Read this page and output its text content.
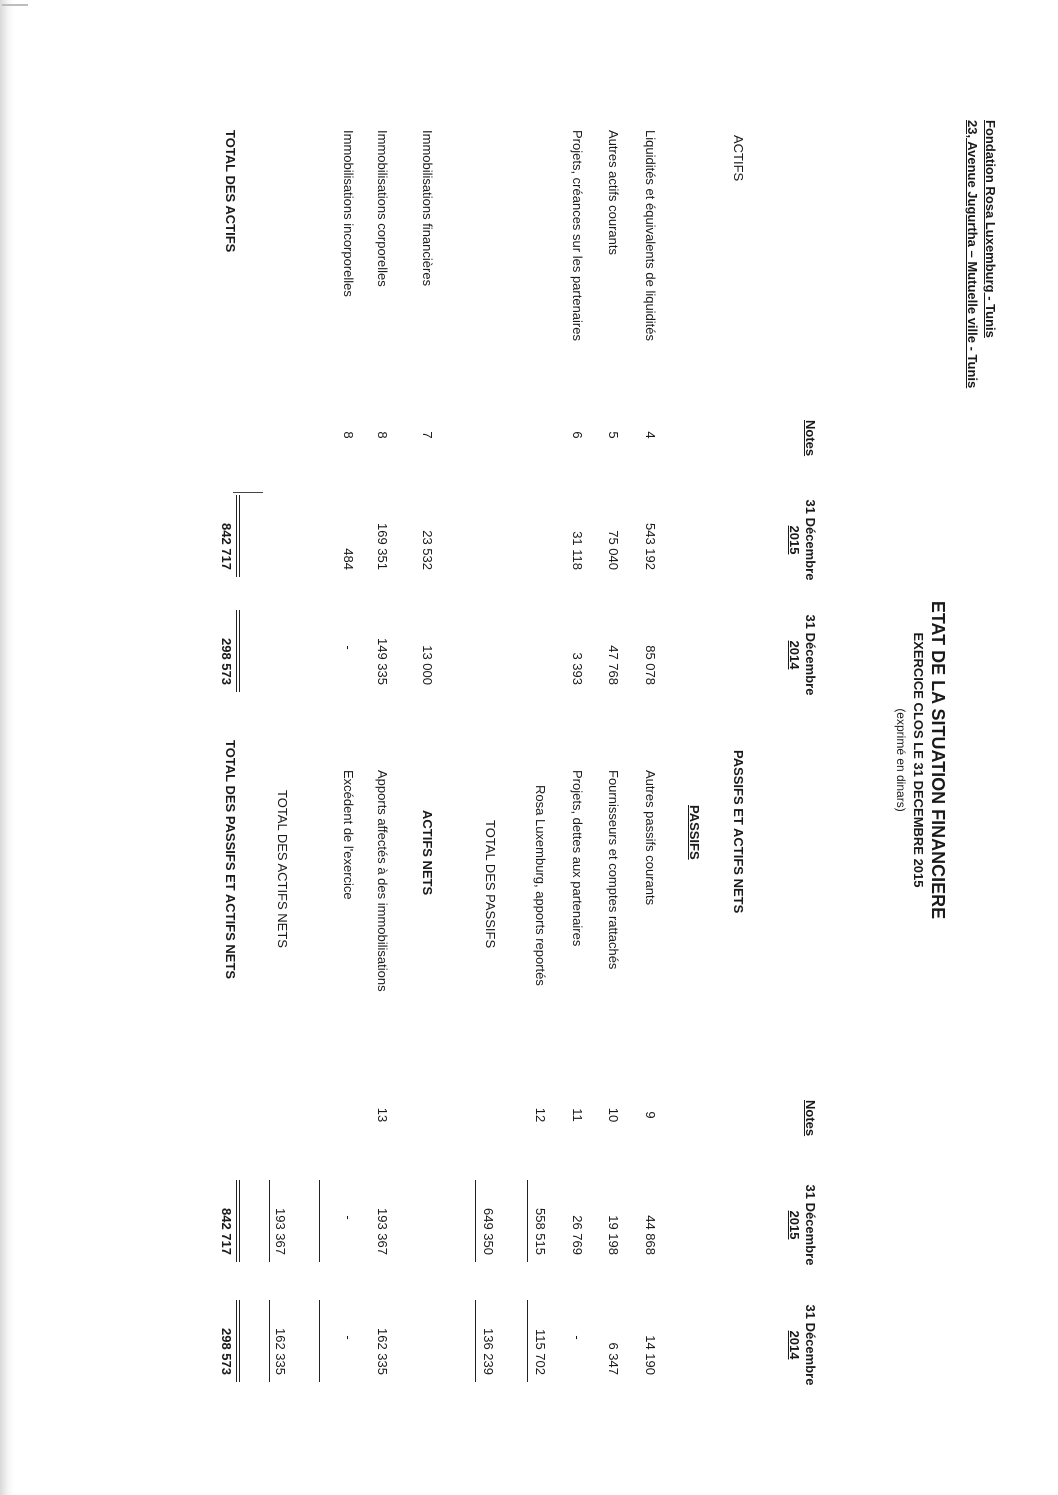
Fondation Rosa Luxemburg - Tunis
23, Avenue Jugurtha – Mutuelle ville - Tunis
ETAT DE LA SITUATION FINANCIERE
EXERCICE CLOS LE 31 DECEMBRE 2015
(exprimé en dinars)
Notes
31 Décembre
2015
31 Décembre
2014
ACTIFS
Liquidités et équivalents de liquidités
4
543 192
85 078
Autres actifs courants
5
75 040
47 768
Projets, créances sur les partenaires
6
31 118
3 393
Immobilisations financières
7
23 532
13 000
Immobilisations corporelles
8
169 351
149 335
Immobilisations incorporelles
8
484
-
TOTAL DES ACTIFS
842 717
298 573
Notes
31 Décembre
2015
31 Décembre
2014
PASSIFS ET ACTIFS NETS
PASSIFS
Autres passifs courants
9
44 868
14 190
Fournisseurs et comptes rattachés
10
19 198
6 347
Projets, dettes aux partenaires
11
26 769
-
Rosa Luxemburg, apports reportés
12
558 515
115 702
TOTAL DES PASSIFS
649 350
136 239
ACTIFS NETS
Apports affectés à des immobilisations
13
193 367
162 335
Excédent de l'exercice
-
-
TOTAL DES ACTIFS NETS
193 367
162 335
TOTAL DES PASSIFS ET ACTIFS NETS
842 717
298 573
